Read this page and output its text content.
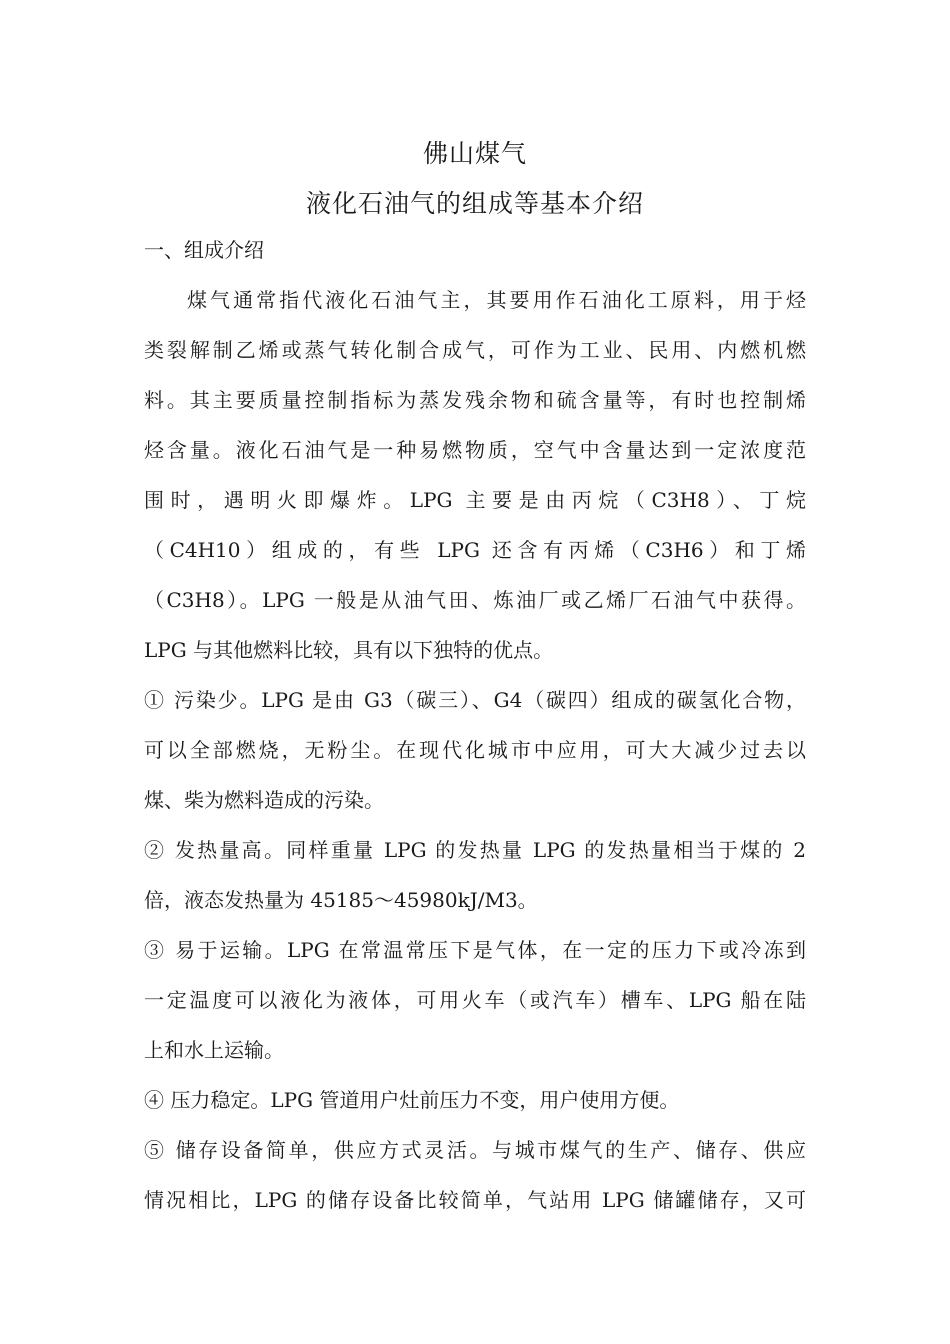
佛山煤气
液化石油气的组成等基本介绍
一、组成介绍
煤气通常指代液化石油气主，其要用作石油化工原料，用于烃
类裂解制乙烯或蒸气转化制合成气，可作为工业、民用、内燃机燃
料。其主要质量控制指标为蒸发残余物和硫含量等，有时也控制烯
烃含量。液化石油气是一种易燃物质，空气中含量达到一定浓度范
围时，遇明火即爆炸。LPG 主要是由丙烷（C3H8）、丁烷
（C4H10）组成的，有些 LPG 还含有丙烯（C3H6）和丁烯
（C3H8）。LPG 一般是从油气田、炼油厂或乙烯厂石油气中获得。
LPG 与其他燃料比较，具有以下独特的优点。
① 污染少。LPG 是由 G3（碳三）、G4（碳四）组成的碳氢化合物，
可以全部燃烧，无粉尘。在现代化城市中应用，可大大减少过去以
煤、柴为燃料造成的污染。
② 发热量高。同样重量 LPG 的发热量 LPG 的发热量相当于煤的 2
倍，液态发热量为 45185～45980kJ/M3。
③ 易于运输。LPG 在常温常压下是气体，在一定的压力下或冷冻到
一定温度可以液化为液体，可用火车（或汽车）槽车、LPG 船在陆
上和水上运输。
④ 压力稳定。LPG 管道用户灶前压力不变，用户使用方便。
⑤ 储存设备简单，供应方式灵活。与城市煤气的生产、储存、供应
情况相比，LPG 的储存设备比较简单，气站用 LPG 储罐储存，又可
